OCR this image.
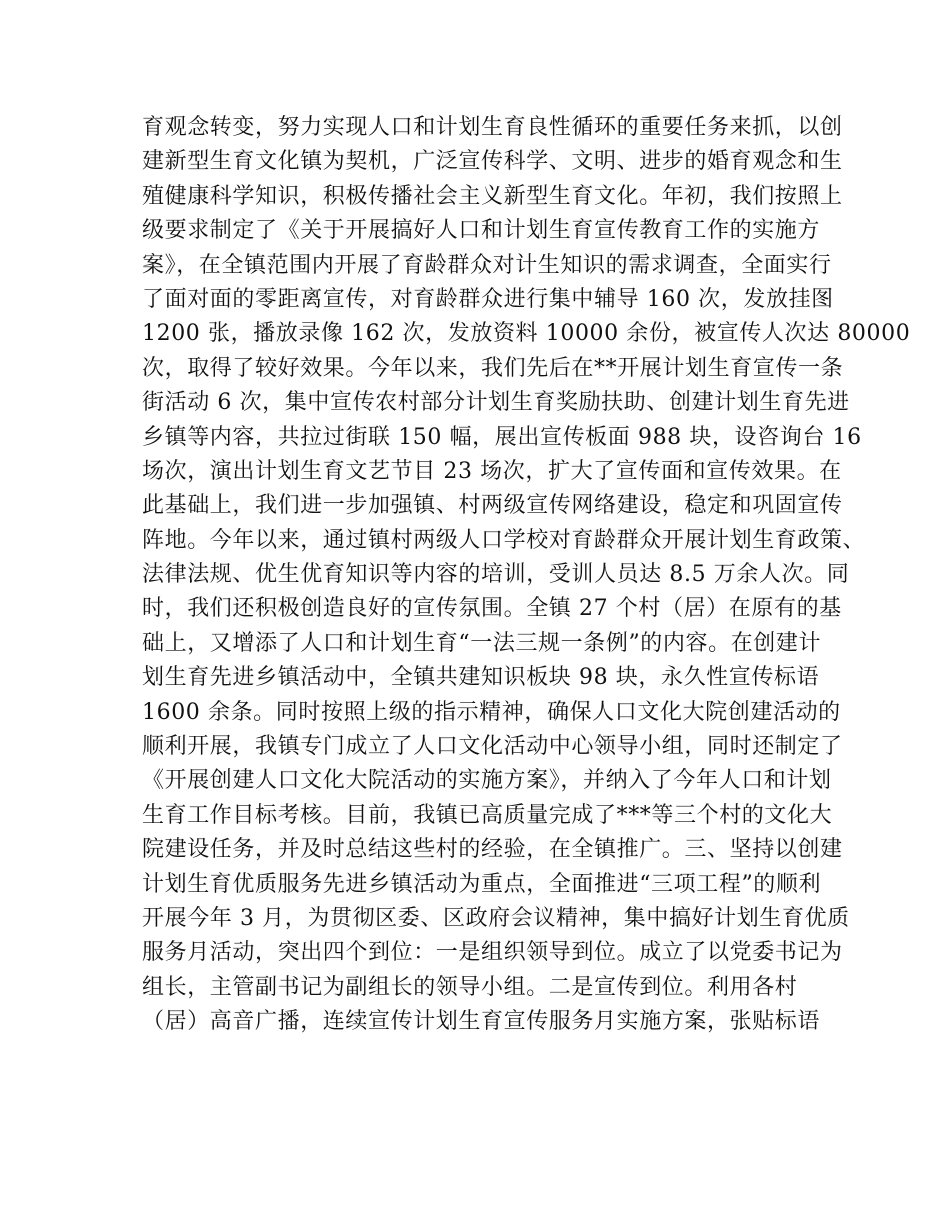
育观念转变，努力实现人口和计划生育良性循环的重要任务来抓，以创
建新型生育文化镇为契机，广泛宣传科学、文明、进步的婚育观念和生
殖健康科学知识，积极传播社会主义新型生育文化。年初，我们按照上
级要求制定了《关于开展搞好人口和计划生育宣传教育工作的实施方
案》，在全镇范围内开展了育龄群众对计生知识的需求调查，全面实行
了面对面的零距离宣传，对育龄群众进行集中辅导 160 次，发放挂图
1200 张，播放录像 162 次，发放资料 10000 余份，被宣传人次达 80000
次，取得了较好效果。今年以来，我们先后在**开展计划生育宣传一条
街活动 6 次，集中宣传农村部分计划生育奖励扶助、创建计划生育先进
乡镇等内容，共拉过街联 150 幅，展出宣传板面 988 块，设咨询台 16
场次，演出计划生育文艺节目 23 场次，扩大了宣传面和宣传效果。在
此基础上，我们进一步加强镇、村两级宣传网络建设，稳定和巩固宣传
阵地。今年以来，通过镇村两级人口学校对育龄群众开展计划生育政策、
法律法规、优生优育知识等内容的培训，受训人员达 8.5 万余人次。同
时，我们还积极创造良好的宣传氛围。全镇 27 个村（居）在原有的基
础上，又增添了人口和计划生育“一法三规一条例”的内容。在创建计
划生育先进乡镇活动中，全镇共建知识板块 98 块，永久性宣传标语
1600 余条。同时按照上级的指示精神，确保人口文化大院创建活动的
顺利开展，我镇专门成立了人口文化活动中心领导小组，同时还制定了
《开展创建人口文化大院活动的实施方案》，并纳入了今年人口和计划
生育工作目标考核。目前，我镇已高质量完成了***等三个村的文化大
院建设任务，并及时总结这些村的经验，在全镇推广。三、坚持以创建
计划生育优质服务先进乡镇活动为重点，全面推进“三项工程”的顺利
开展今年 3 月，为贯彻区委、区政府会议精神，集中搞好计划生育优质
服务月活动，突出四个到位：一是组织领导到位。成立了以党委书记为
组长，主管副书记为副组长的领导小组。二是宣传到位。利用各村
（居）高音广播，连续宣传计划生育宣传服务月实施方案，张贴标语
